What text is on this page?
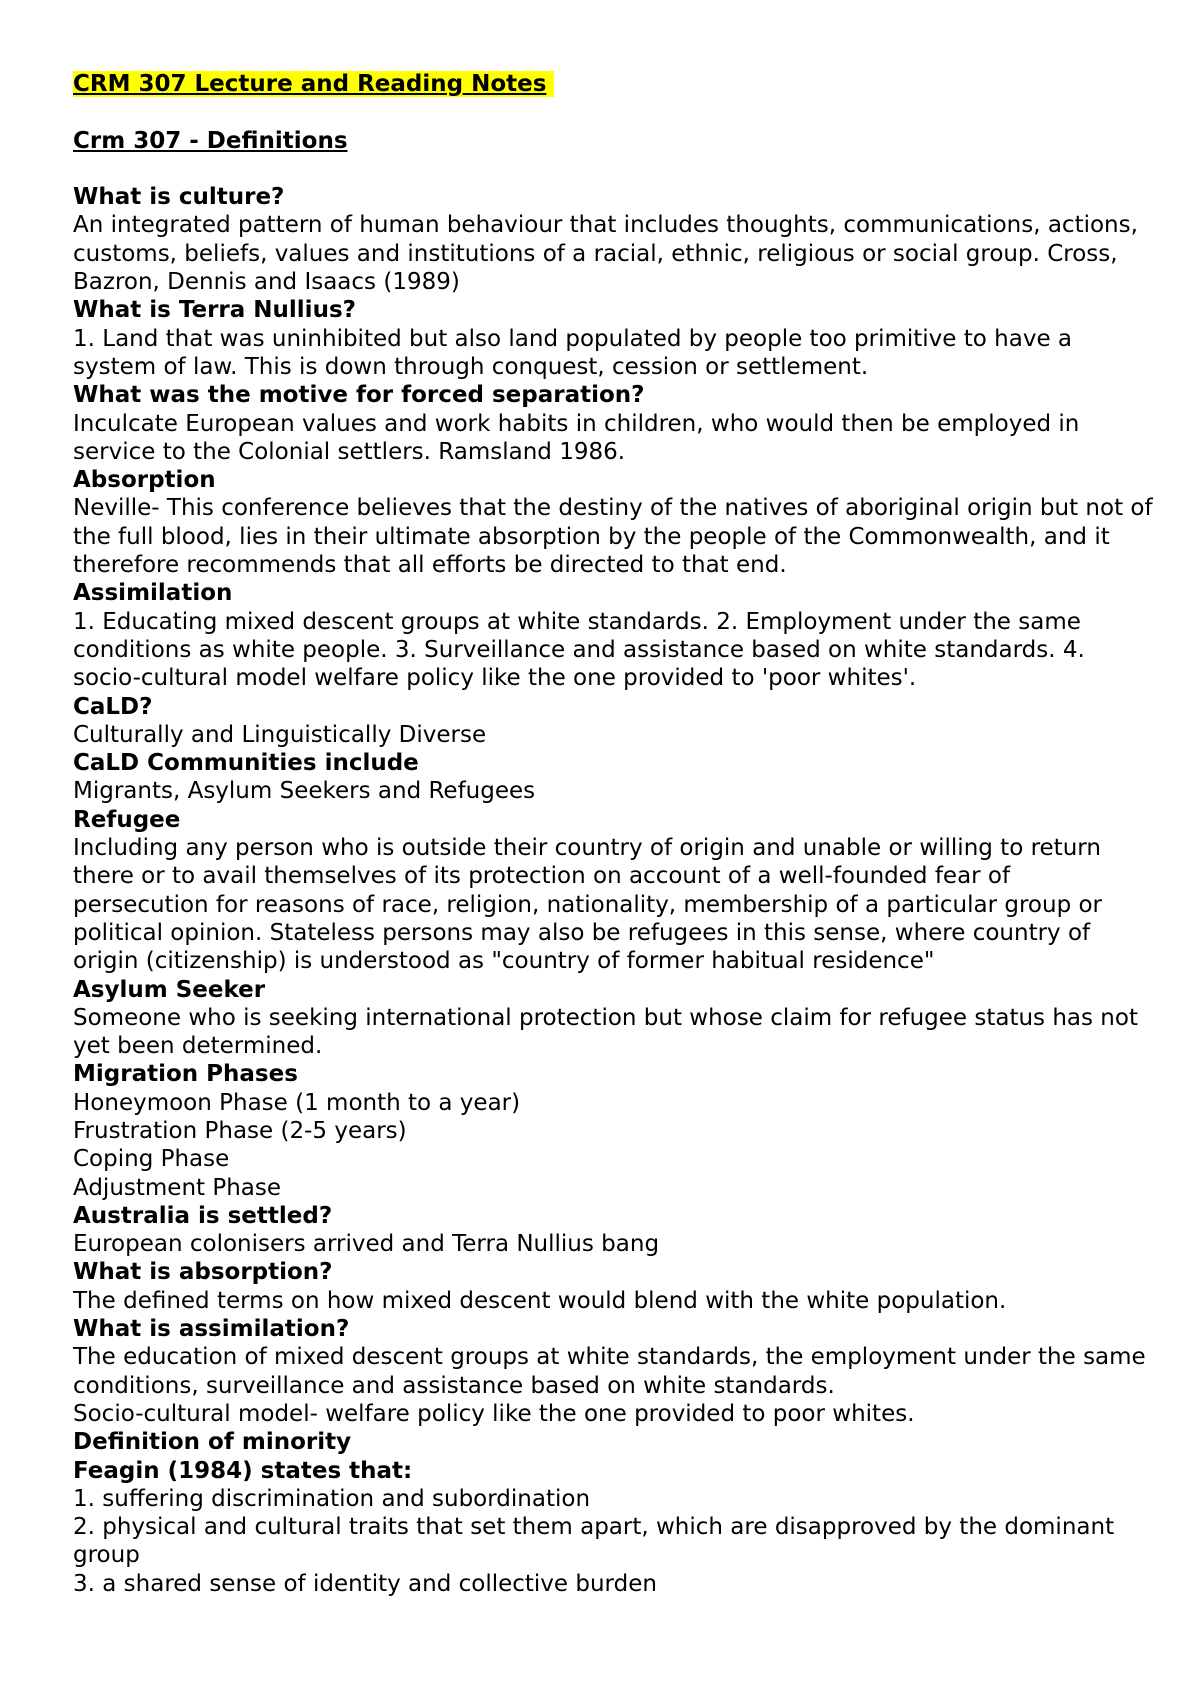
CRM 307 Lecture and Reading Notes

Crm 307 - Definitions

What is culture?

An integrated pattern of human behaviour that includes thoughts, communications, actions, customs, beliefs, values and institutions of a racial, ethnic, religious or social group. Cross, Bazron, Dennis and Isaacs (1989)

What is Terra Nullius?

1. Land that was uninhibited but also land populated by people too primitive to have a system of law. This is down through conquest, cession or settlement.

What was the motive for forced separation?

Inculcate European values and work habits in children, who would then be employed in service to the Colonial settlers. Ramsland 1986.

Absorption

Neville- This conference believes that the destiny of the natives of aboriginal origin but not of the full blood, lies in their ultimate absorption by the people of the Commonwealth, and it therefore recommends that all efforts be directed to that end.

Assimilation

1. Educating mixed descent groups at white standards. 2. Employment under the same conditions as white people. 3. Surveillance and assistance based on white standards. 4. socio-cultural model welfare policy like the one provided to 'poor whites'.

CaLD?

Culturally and Linguistically Diverse

CaLD Communities include

Migrants, Asylum Seekers and Refugees

Refugee

Including any person who is outside their country of origin and unable or willing to return there or to avail themselves of its protection on account of a well-founded fear of persecution for reasons of race, religion, nationality, membership of a particular group or political opinion. Stateless persons may also be refugees in this sense, where country of origin (citizenship) is understood as "country of former habitual residence"

Asylum Seeker

Someone who is seeking international protection but whose claim for refugee status has not yet been determined.

Migration Phases

Honeymoon Phase (1 month to a year)

Frustration Phase (2-5 years)

Coping Phase

Adjustment Phase

Australia is settled?

European colonisers arrived and Terra Nullius bang

What is absorption?

The defined terms on how mixed descent would blend with the white population.

What is assimilation?

The education of mixed descent groups at white standards, the employment under the same conditions, surveillance and assistance based on white standards.

Socio-cultural model- welfare policy like the one provided to poor whites.

Definition of minority

Feagin (1984) states that:

1. suffering discrimination and subordination

2. physical and cultural traits that set them apart, which are disapproved by the dominant group

3. a shared sense of identity and collective burden
